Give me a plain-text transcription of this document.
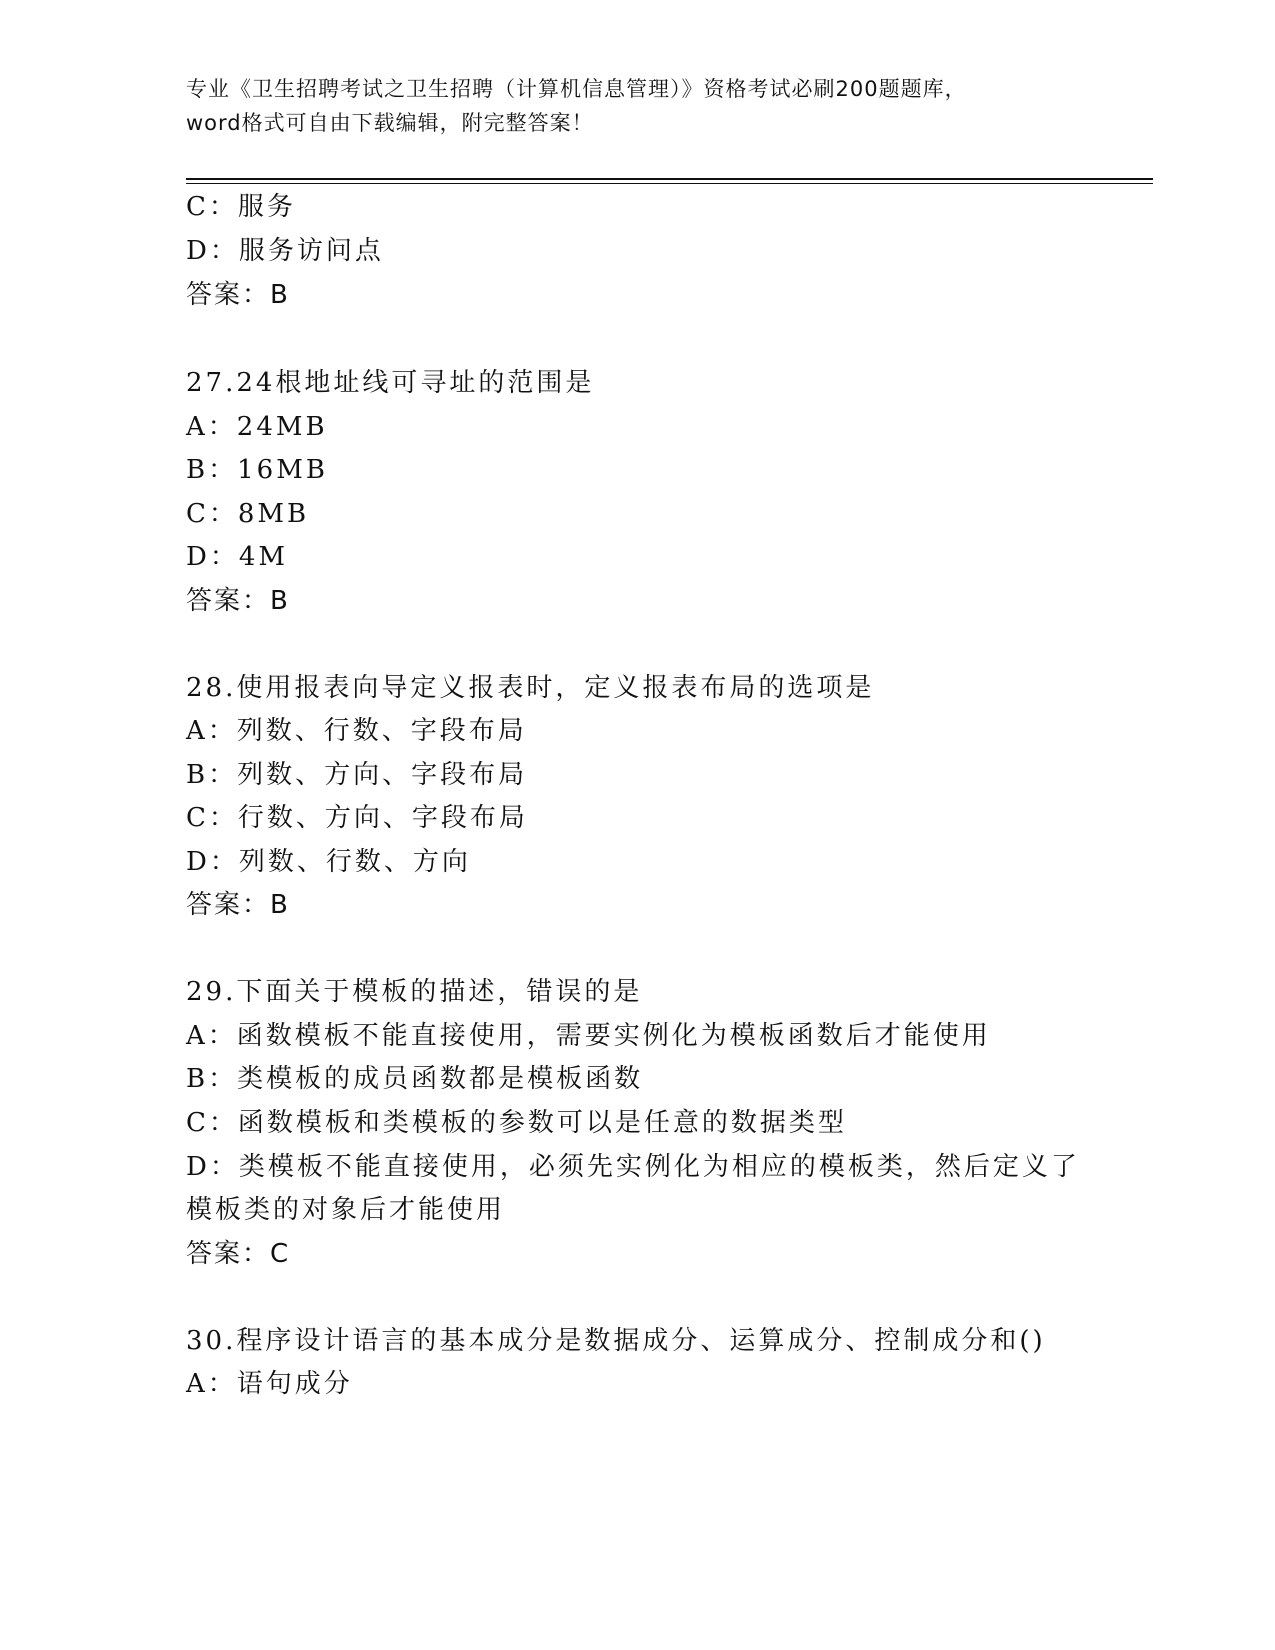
专业《卫生招聘考试之卫生招聘（计算机信息管理）》资格考试必刷200题题库，
word格式可自由下载编辑，附完整答案！
C：服务
D：服务访问点
答案：B
27.24根地址线可寻址的范围是
A：24MB
B：16MB
C：8MB
D：4M
答案：B
28.使用报表向导定义报表时，定义报表布局的选项是
A：列数、行数、字段布局
B：列数、方向、字段布局
C：行数、方向、字段布局
D：列数、行数、方向
答案：B
29.下面关于模板的描述，错误的是
A：函数模板不能直接使用，需要实例化为模板函数后才能使用
B：类模板的成员函数都是模板函数
C：函数模板和类模板的参数可以是任意的数据类型
D：类模板不能直接使用，必须先实例化为相应的模板类，然后定义了
模板类的对象后才能使用
答案：C
30.程序设计语言的基本成分是数据成分、运算成分、控制成分和()
A：语句成分
